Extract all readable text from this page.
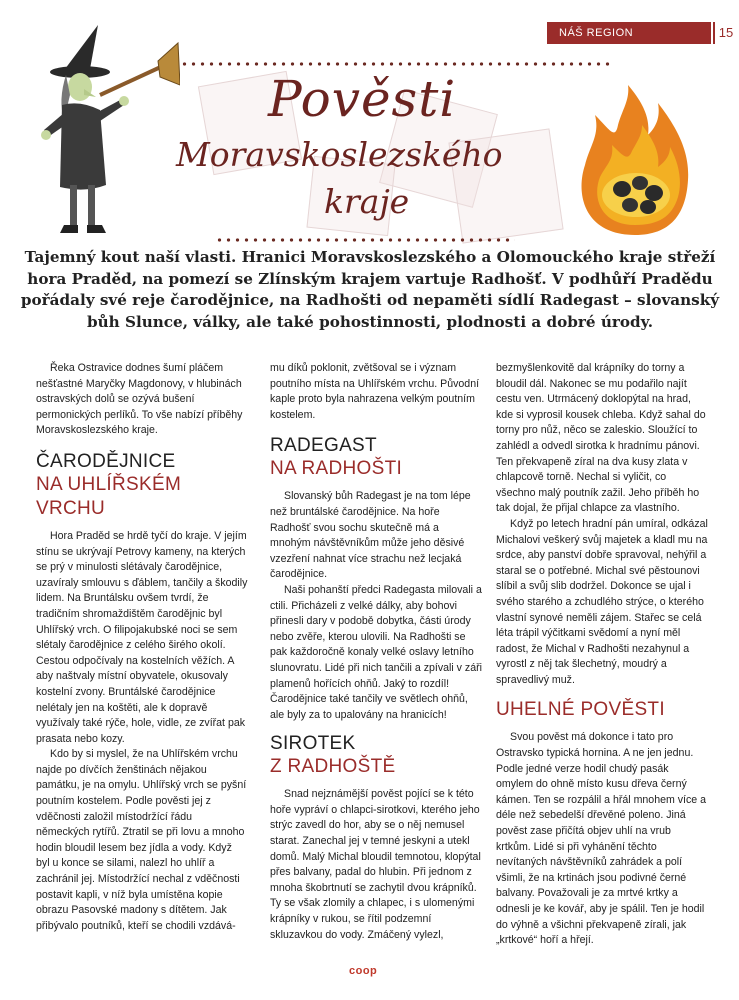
NÁŠ REGION	15
Pověsti
Moravskoslezského
kraje
Tajemný kout naší vlasti. Hranici Moravskoslezského a Olomouckého kraje střeží hora Praděd, na pomezí se Zlínským krajem vartuje Radhošť. V podhůří Pradědu pořádaly své reje čarodějnice, na Radhošti od nepaměti sídlí Radegast – slovanský bůh Slunce, války, ale také pohostinnosti, plodnosti a dobré úrody.

Řeka Ostravice dodnes šumí pláčem nešťastné Maryčky Magdonovy, v hlubinách ostravských dolů se ozývá bušení permonických perlíků. To vše nabízí příběhy Moravskoslezského kraje.

ČARODĚJNICE
NA UHLÍŘSKÉM VRCHU

Hora Praděd se hrdě tyčí do kraje. V jejím stínu se ukrývají Petrovy kameny, na kterých se prý v minulosti slétávaly čarodějnice, uzavíraly smlouvu s ďáblem, tančily a škodily lidem. Na Bruntálsku ovšem tvrdí, že tradičním shromaždištěm čarodějnic byl Uhlířský vrch. O filipojakubské noci se sem slétaly čarodějnice z celého širého okolí. Cestou odpočívaly na kostelních věžích. A aby naštvaly místní obyvatele, okusovaly kostelní zvony. Bruntálské čarodějnice nelétaly jen na koštěti, ale k dopravě využívaly také rýče, hole, vidle, ze zvířat pak prasata nebo kozy.

Kdo by si myslel, že na Uhlířském vrchu najde po dívčích ženštinách nějakou památku, je na omylu. Uhlířský vrch se pyšní poutním kostelem. Podle pověsti jej z vděčnosti založil místodržící řádu německých rytířů. Ztratil se při lovu a mnoho hodin bloudil lesem bez jídla a vody. Když byl u konce se silami, nalezl ho uhlíř a zachránil jej. Místodržící nechal z vděčnosti postavit kapli, v níž byla umístěna kopie obrazu Pasovské madony s dítětem. Jak přibývalo poutníků, kteří se chodili vzdává-

mu díků poklonit, zvětšoval se i význam poutního místa na Uhlířském vrchu. Původní kaple proto byla nahrazena velkým poutním kostelem.

RADEGAST
NA RADHOŠTI

Slovanský bůh Radegast je na tom lépe než bruntálské čarodějnice. Na hoře Radhošť svou sochu skutečně má a mnohým návštěvníkům může jeho děsivé vzezření nahnat více strachu než lecjaká čarodějnice.

Naši pohanští předci Radegasta milovali a ctili. Přicházeli z velké dálky, aby bohovi přinesli dary v podobě dobytka, části úrody nebo zvěře, kterou ulovili. Na Radhošti se pak každoročně konaly velké oslavy letního slunovratu. Lidé při nich tančili a zpívali v záři plamenů hořících ohňů. Jaký to rozdíl! Čarodějnice také tančily ve světlech ohňů, ale byly za to upalovány na hranicích!

SIROTEK
Z RADHOŠTĚ

Snad nejznámější pověst pojící se k této hoře vypráví o chlapci-sirotkovi, kterého jeho strýc zavedl do hor, aby se o něj nemusel starat. Zanechal jej v temné jeskyni a utekl domů. Malý Michal bloudil temnotou, klopýtal přes balvany, padal do hlubin. Při jednom z mnoha škobrtnutí se zachytil dvou krápníků. Ty se však zlomily a chlapec, i s ulomenými krápníky v rukou, se řítil podzemní skluzavkou do vody. Zmáčený vylezl,

bezmyšlenkovitě dal krápníky do torny a bloudil dál. Nakonec se mu podařilo najít cestu ven. Utrmácený doklopýtal na hrad, kde si vyprosil kousek chleba. Když sahal do torny pro nůž, něco se zaleskio. Sloužící to zahlédl a odvedl sirotka k hradnímu pánovi. Ten překvapeně zíral na dva kusy zlata v chlapcově torně. Nechal si vyličit, co všechno malý poutník zažil. Jeho příběh ho tak dojal, že přijal chlapce za vlastního.

Když po letech hradní pán umíral, odkázal Michalovi veškerý svůj majetek a kladl mu na srdce, aby panství dobře spravoval, nehýřil a staral se o potřebné. Michal své pěstounovi slíbil a svůj slib dodržel. Dokonce se ujal i svého starého a zchudlého strýce, o kterého vlastní synové neměli zájem. Stařec se celá léta trápil výčitkami svědomí a nyní měl radost, že Michal v Radhošti nezahynul a vyrostl z něj tak šlechetný, moudrý a spravedlivý muž.

UHELNÉ POVĚSTI

Svou pověst má dokonce i tato pro Ostravsko typická hornina. A ne jen jednu. Podle jedné verze hodil chudý pasák omylem do ohně místo kusu dřeva černý kámen. Ten se rozpálil a hřál mnohem více a déle než sebedelší dřevěné poleno. Jiná pověst zase přičítá objev uhlí na vrub krtkům. Lidé si při vyhánění těchto nevítaných návštěvníků zahrádek a polí všimli, že na krtinách jsou podivné černé balvany. Považovali je za mrtvé krtky a odnesli je ke kovář, aby je spálil. Ten je hodil do výhně a všichni překvapeně zírali, jak „krtkové“ hoří a hřejí.

coop
